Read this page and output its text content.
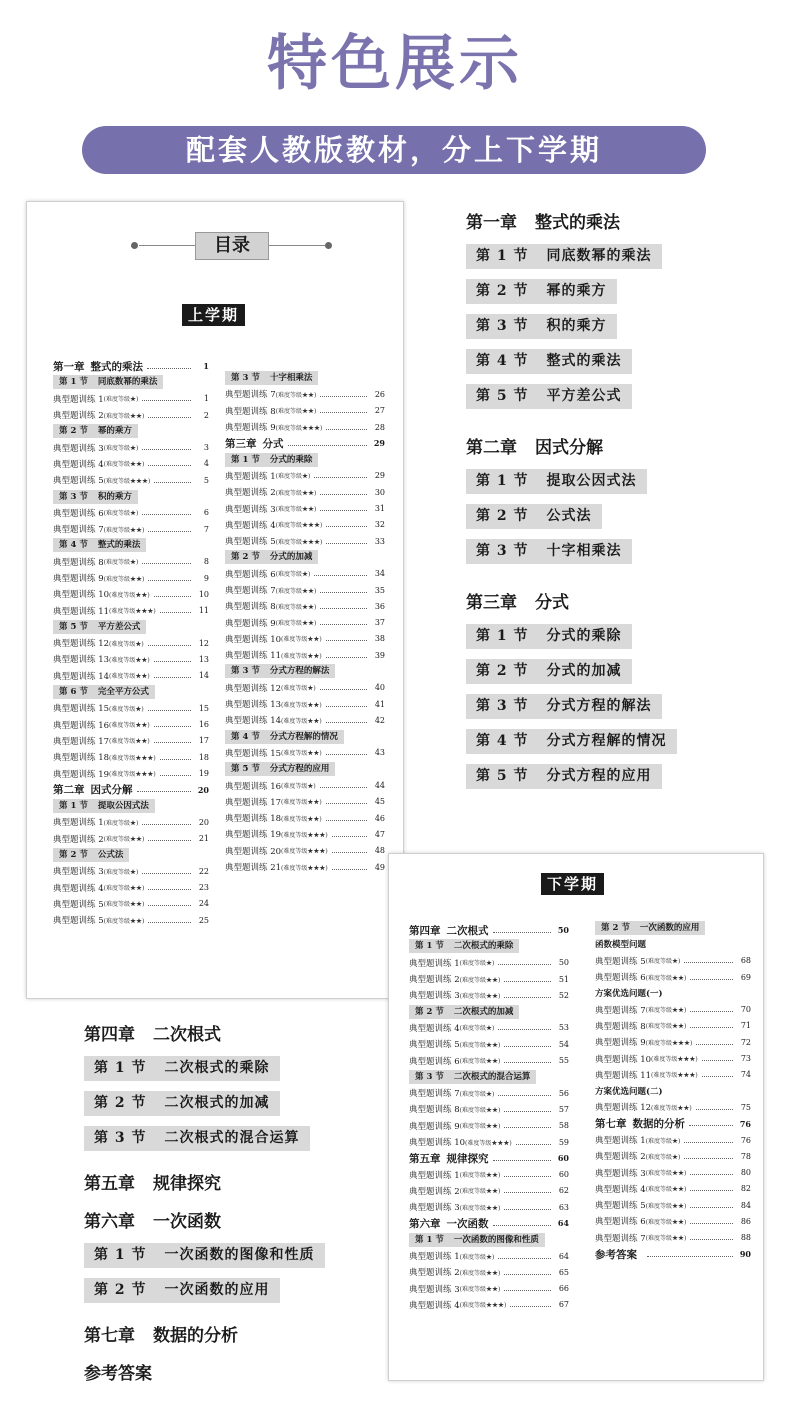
特色展示
配套人教版教材，分上下学期
目录
上学期
第一章 整式的乘法	1
第 1 节 同底数幂的乘法
典型题训练 1 (难度等级★)	1
典型题训练 2 (难度等级★★)	2
第 2 节 幂的乘方
典型题训练 3 (难度等级★)	3
典型题训练 4 (难度等级★★)	4
典型题训练 5 (难度等级★★★)	5
第 3 节 积的乘方
典型题训练 6 (难度等级★)	6
典型题训练 7 (难度等级★★)	7
第 4 节 整式的乘法
典型题训练 8 (难度等级★)	8
典型题训练 9 (难度等级★★)	9
典型题训练 10 (难度等级★★)	10
典型题训练 11 (难度等级★★★)	11
第 5 节 平方差公式
典型题训练 12 (难度等级★)	12
典型题训练 13 (难度等级★★)	13
典型题训练 14 (难度等级★★)	14
第 6 节 完全平方公式
典型题训练 15 (难度等级★)	15
典型题训练 16 (难度等级★★)	16
典型题训练 17 (难度等级★★)	17
典型题训练 18 (难度等级★★★)	18
典型题训练 19 (难度等级★★★)	19
第二章 因式分解	20
第 1 节 提取公因式法
典型题训练 1 (难度等级★)	20
典型题训练 2 (难度等级★★)	21
第 2 节 公式法
典型题训练 3 (难度等级★)	22
典型题训练 4 (难度等级★★)	23
典型题训练 5 (难度等级★★)	24
典型题训练 5 (难度等级★★)	25
第 3 节 十字相乘法
典型题训练 7 (难度等级★★)	26
典型题训练 8 (难度等级★★)	27
典型题训练 9 (难度等级★★★)	28
第三章 分式	29
第 1 节 分式的乘除
典型题训练 1 (难度等级★)	29
典型题训练 2 (难度等级★★)	30
典型题训练 3 (难度等级★★)	31
典型题训练 4 (难度等级★★★)	32
典型题训练 5 (难度等级★★★)	33
第 2 节 分式的加减
典型题训练 6 (难度等级★)	34
典型题训练 7 (难度等级★★)	35
典型题训练 8 (难度等级★★)	36
典型题训练 9 (难度等级★★)	37
典型题训练 10 (难度等级★★)	38
典型题训练 11 (难度等级★★)	39
第 3 节 分式方程的解法
典型题训练 12 (难度等级★)	40
典型题训练 13 (难度等级★★)	41
典型题训练 14 (难度等级★★)	42
第 4 节 分式方程解的情况
典型题训练 15 (难度等级★★)	43
第 5 节 分式方程的应用
典型题训练 16 (难度等级★)	44
典型题训练 17 (难度等级★★)	45
典型题训练 18 (难度等级★★)	46
典型题训练 19 (难度等级★★★)	47
典型题训练 20 (难度等级★★★)	48
典型题训练 21 (难度等级★★★)	49
下学期
第四章 二次根式	50
第 1 节 二次根式的乘除
典型题训练 1 (难度等级★)	50
典型题训练 2 (难度等级★★)	51
典型题训练 3 (难度等级★★)	52
第 2 节 二次根式的加减
典型题训练 4 (难度等级★)	53
典型题训练 5 (难度等级★★)	54
典型题训练 6 (难度等级★★)	55
第 3 节 二次根式的混合运算
典型题训练 7 (难度等级★)	56
典型题训练 8 (难度等级★★)	57
典型题训练 9 (难度等级★★)	58
典型题训练 10 (难度等级★★★)	59
第五章 规律探究	60
典型题训练 1 (难度等级★★)	60
典型题训练 2 (难度等级★★)	62
典型题训练 3 (难度等级★★)	63
第六章 一次函数	64
第 1 节 一次函数的图像和性质
典型题训练 1 (难度等级★)	64
典型题训练 2 (难度等级★★)	65
典型题训练 3 (难度等级★★)	66
典型题训练 4 (难度等级★★★)	67
第 2 节 一次函数的应用
函数模型问题
典型题训练 5 (难度等级★)	68
典型题训练 6 (难度等级★★)	69
方案优选问题(一)
典型题训练 7 (难度等级★★)	70
典型题训练 8 (难度等级★★)	71
典型题训练 9 (难度等级★★★)	72
典型题训练 10 (难度等级★★★)	73
典型题训练 11 (难度等级★★★)	74
方案优选问题(二)
典型题训练 12 (难度等级★★)	75
第七章 数据的分析	76
典型题训练 1 (难度等级★)	76
典型题训练 2 (难度等级★)	78
典型题训练 3 (难度等级★★)	80
典型题训练 4 (难度等级★★)	82
典型题训练 5 (难度等级★★)	84
典型题训练 6 (难度等级★★)	86
典型题训练 7 (难度等级★★)	88
参考答案	90
第一章 整式的乘法
第 1 节 同底数幂的乘法
第 2 节 幂的乘方
第 3 节 积的乘方
第 4 节 整式的乘法
第 5 节 平方差公式
第二章 因式分解
第 1 节 提取公因式法
第 2 节 公式法
第 3 节 十字相乘法
第三章 分式
第 1 节 分式的乘除
第 2 节 分式的加减
第 3 节 分式方程的解法
第 4 节 分式方程解的情况
第 5 节 分式方程的应用
第四章 二次根式
第 1 节 二次根式的乘除
第 2 节 二次根式的加减
第 3 节 二次根式的混合运算
第五章 规律探究
第六章 一次函数
第 1 节 一次函数的图像和性质
第 2 节 一次函数的应用
第七章 数据的分析
参考答案
